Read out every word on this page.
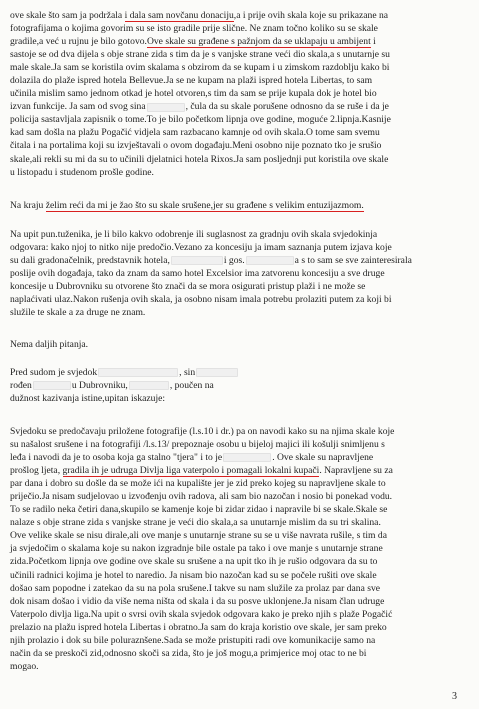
ove skale što sam ja podržala i dala sam novčanu donaciju,a i prije ovih skala koje su prikazane na
fotografijama o kojima govorim su se isto gradile prije slične. Ne znam točno koliko su se skale
gradile,a već u rujnu je bilo gotovo.Ove skale su građene s pažnjom da se uklapaju u ambijent i
sastoje se od dva dijela s obje strane zida s tim da je s vanjske strane veći dio skala,a s unutarnje su
male skale.Ja sam se koristila ovim skalama s obzirom da se kupam i u zimskom razdoblju kako bi
dolazila do plaže ispred hotela Bellevue.Ja se ne kupam na plaži ispred hotela Libertas, to sam
učinila mislim samo jednom otkad je hotel otvoren,s tim da sam se prije kupala dok je hotel bio
izvan funkcije. Ja sam od svog sina	, čula da su skale porušene odnosno da se ruše i da je
policija sastavljala zapisnik o tome.To je bilo početkom lipnja ove godine, moguće 2.lipnja.Kasnije
kad sam došla na plažu Pogačić vidjela sam razbacano kamnje od ovih skala.O tome sam svemu
čitala i na portalima koji su izvještavali o ovom događaju.Meni osobno nije poznato tko je srušio
skale,ali rekli su mi da su to učinili djelatnici hotela Rixos.Ja sam posljednji put koristila ove skale
u listopadu i studenom prošle godine.
Na kraju želim reći da mi je žao što su skale srušene,jer su građene s velikim entuzijazmom.
Na upit pun.tuženika, je li bilo kakvo odobrenje ili suglasnost za gradnju ovih skala svjedokinja
odgovara: kako njoj to nitko nije predočio.Vezano za koncesiju ja imam saznanja putem izjava koje
su dali gradonačelnik, predstavnik hotela,	i gos.	a s to sam se sve zainteresirala
poslije ovih događaja, tako da znam da samo hotel Excelsior ima zatvorenu koncesiju a sve druge
koncesije u Dubrovniku su otvorene što znači da se mora osigurati pristup plaži i ne može se
naplaćivati ulaz.Nakon rušenja ovih skala, ja osobno nisam imala potrebu prolaziti putem za koji bi
služile te skale a za druge ne znam.
Nema daljih pitanja.
Pred sudom je svjedok	, sin
rođen	u Dubrovniku,	, poučen na
dužnost kazivanja istine,upitan iskazuje:
Svjedoku se predočavaju priložene fotografije (l.s.10 i dr.) pa on navodi kako su na njima skale koje
su našalost srušene i na fotografiji /l.s.13/ prepoznaje osobu u bijeloj majici ili košulji snimljenu s
leđa i navodi da je to osoba koja ga stalno "tjera" i to je	. Ove skale su napravljene
prošlog ljeta, gradila ih je udruga Divlja liga vaterpolo i pomagali lokalni kupači. Napravljene su za
par dana i dobro su došle da se može ići na kupalište jer je zid preko kojeg su napravljene skale to
priječio.Ja nisam sudjelovao u izvođenju ovih radova, ali sam bio nazočan i nosio bi ponekad vodu.
To se radilo neka četiri dana,skupilo se kamenje koje bi zidar zidao i napravile bi se skale.Skale se
nalaze s obje strane zida s vanjske strane je veći dio skala,a sa unutarnje mislim da su tri skalina.
Ove velike skale se nisu dirale,ali ove manje s unutarnje strane su se u više navrata rušile, s tim da
ja svjedočim o skalama koje su nakon izgradnje bile ostale pa tako i ove manje s unutarnje strane
zida.Početkom lipnja ove godine ove skale su srušene a na upit tko ih je rušio odgovara da su to
učinili radnici kojima je hotel to naredio. Ja nisam bio nazočan kad su se počele rušiti ove skale
došao sam popodne i zatekao da su na pola srušene.I takve su nam služile za prolaz par dana sve
dok nisam došao i vidio da više nema ništa od skala i da su posve uklonjene.Ja nisam član udruge
Vaterpolo divlja liga.Na upit o svrsi ovih skala svjedok odgovara kako je preko njih s plaže Pogačić
prelazio na plažu ispred hotela Libertas i obratno.Ja sam do kraja koristio ove skale, jer sam preko
njih prolazio i dok su bile poluraznšene.Sada se može pristupiti radi ove komunikacije samo na
način da se preskoči zid,odnosno skoči sa zida, što je još mogu,a primjerice moj otac to ne bi
mogao.
3
